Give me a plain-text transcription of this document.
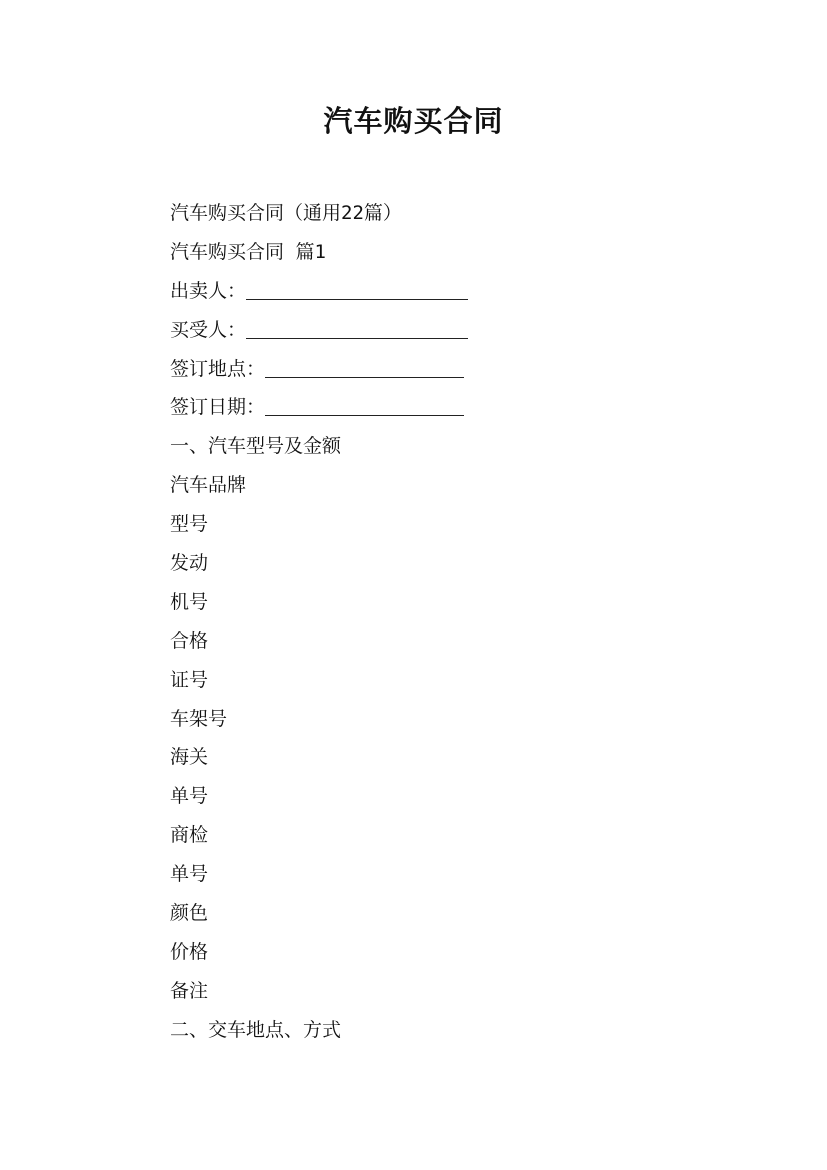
汽车购买合同
汽车购买合同（通用22篇）
汽车购买合同 篇1
出卖人：
买受人：
签订地点：
签订日期：
一、汽车型号及金额
汽车品牌
型号
发动
机号
合格
证号
车架号
海关
单号
商检
单号
颜色
价格
备注
二、交车地点、方式
